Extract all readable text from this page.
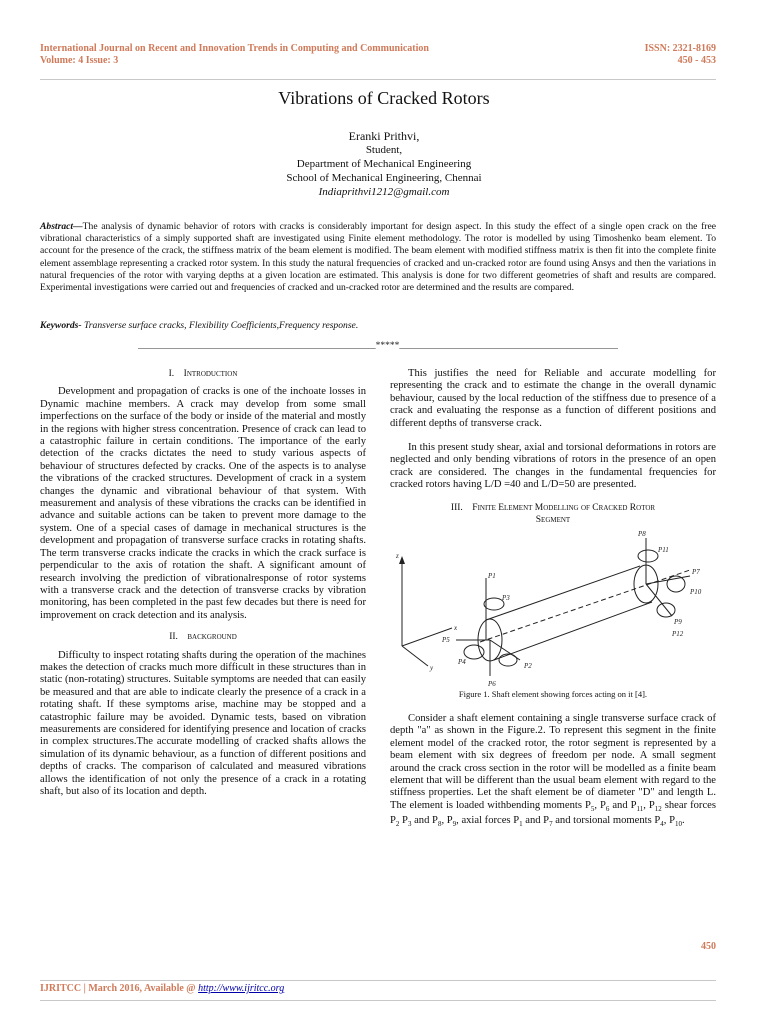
International Journal on Recent and Innovation Trends in Computing and Communication
Volume: 4 Issue: 3
ISSN: 2321-8169
450 - 453
Vibrations of Cracked Rotors
Eranki Prithvi,
Student,
Department of Mechanical Engineering
School of Mechanical Engineering, Chennai
Indiaprithvi1212@gmail.com
Abstract—The analysis of dynamic behavior of rotors with cracks is considerably important for design aspect. In this study the effect of a single open crack on the free vibrational characteristics of a simply supported shaft are investigated using Finite element methodology. The rotor is modelled by using Timoshenko beam element. To account for the presence of the crack, the stiffness matrix of the beam element is modified. The beam element with modified stiffness matrix is then fit into the complete finite element assemblage representing a cracked rotor system. In this study the natural frequencies of cracked and un-cracked rotor are found using Ansys and then the variations in natural frequencies of the rotor with varying depths at a given location are estimated. This analysis is done for two different geometries of shaft and results are compared. Experimental investigations were carried out and frequencies of cracked and un-cracked rotor are determined and the results are compared.
Keywords- Transverse surface cracks, Flexibility Coefficients,Frequency response.
__________________________________________________*****______________________________________________

I. Introduction

Development and propagation of cracks is one of the inchoate losses in Dynamic machine members. A crack may develop from some small imperfections on the surface of the body or inside of the material and mostly in the regions with higher stress concentration. Presence of crack can lead to a catastrophic failure in certain conditions. The importance of the early detection of the cracks dictates the need to study various aspects of behaviour of structures defected by cracks. One of the aspects is to analyse the vibrations of the cracked structures. Development of crack in a system changes the dynamic and vibrational behaviour of that system. With measurement and analysis of these vibrations the cracks can be identified in advance and suitable actions can be taken to prevent more damage to the system. One of a special cases of damage in mechanical structures is the development and propagation of transverse surface cracks in rotating shafts. The term transverse cracks indicate the cracks in which the crack surface is perpendicular to the axis of rotation the shaft. A significant amount of research involving the prediction of vibrationalresponse of rotor systems with a transverse crack and the detection of transverse cracks by vibration monitoring, has been completed in the past few decades but there is need for improvement on crack detection and its analysis.

II. background

Difficulty to inspect rotating shafts during the operation of the machines makes the detection of cracks much more difficult in these structures than in static (non-rotating) structures. Suitable symptoms are needed that can easily be measured and that are able to indicate clearly the presence of a crack in a rotating shaft. If these symptoms arise, machine may be stopped and a catastrophic failure may be avoided. Dynamic tests, based on vibration measurements are considered for identifying presence and location of cracks in complex structures.The accurate modelling of cracked shafts allows the simulation of its dynamic behaviour, as a function of different positions and depths of cracks. The comparison of calculated and measured vibrations allows the identification of not only the presence of a crack in a rotating shaft, but also of its location and depth.

This justifies the need for Reliable and accurate modelling for representing the crack and to estimate the change in the overall dynamic behaviour, caused by the local reduction of the stiffness due to presence of a crack and evaluating the response as a function of different positions and different depths of transverse crack.

In this present study shear, axial and torsional deformations in rotors are neglected and only bending vibrations of rotors in the presence of an open crack are considered. The changes in the fundamental frequencies for cracked rotors having L/D =40 and L/D=50 are presented.

III. Finite Element Modelling of Cracked Rotor
Segment

z
x
y
P1
P2
P3
P4
P5
P6
P7
P8
P9
P10
P11
P12
Figure 1. Shaft element showing forces acting on it [4].

Consider a shaft element containing a single transverse surface crack of depth "a" as shown in the Figure.2. To represent this segment in the finite element model of the cracked rotor, the rotor segment is represented by a beam element with six degrees of freedom per node. A small segment around the crack cross section in the rotor will be modelled as a finite beam element that will be different than the usual beam element with regard to the stiffness properties. Let the shaft element be of diameter "D" and length L. The element is loaded withbending moments $P_5$, $P_6$ and $P_{11}$, $P_{12}$ shear forces $P_2$ $P_3$ and $P_8$, $P_9$, axial forces $P_1$ and $P_7$ and torsional moments $P_4$, $P_{10}$.

450
IJRITCC | March 2016, Available @ http://www.ijritcc.org
